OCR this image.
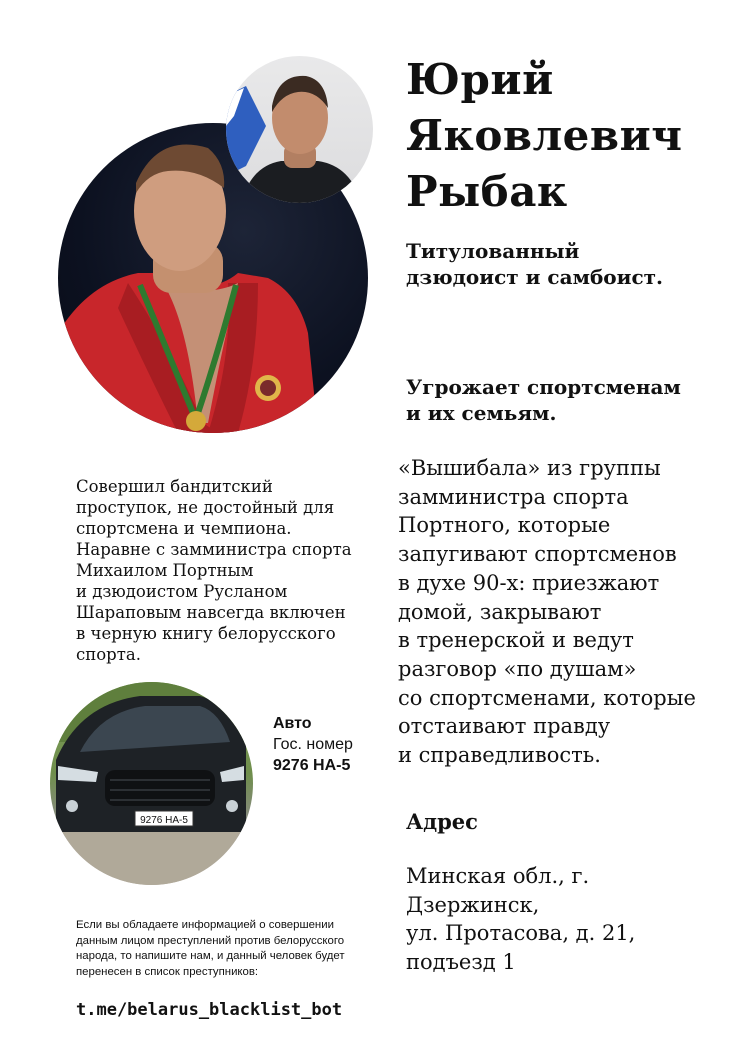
Юрий
Яковлевич
Рыбак
Титулованный
дзюдоист и самбоист.
Угрожает спортсменам
и их семьям.
«Вышибала» из группы
замминистра спорта
Портного, которые
запугивают спортсменов
в духе 90-х: приезжают
домой, закрывают
в тренерской и ведут
разговор «по душам»
со спортсменами, которые
отстаивают правду
и справедливость.
Совершил бандитский
проступок, не достойный для
спортсмена и чемпиона.
Наравне с замминистра спорта
Михаилом Портным
и дзюдоистом Русланом
Шараповым навсегда включен
в черную книгу белорусского
спорта.
9276 НА-5
Авто
Гос. номер
9276 НА-5
Адрес
Минская обл., г. Дзержинск,
ул. Протасова, д. 21,
подъезд 1
Если вы обладаете информацией о совершении
данным лицом преступлений против белорусского
народа, то напишите нам, и данный человек будет
перенесен в список преступников:
t.me/belarus_blacklist_bot
